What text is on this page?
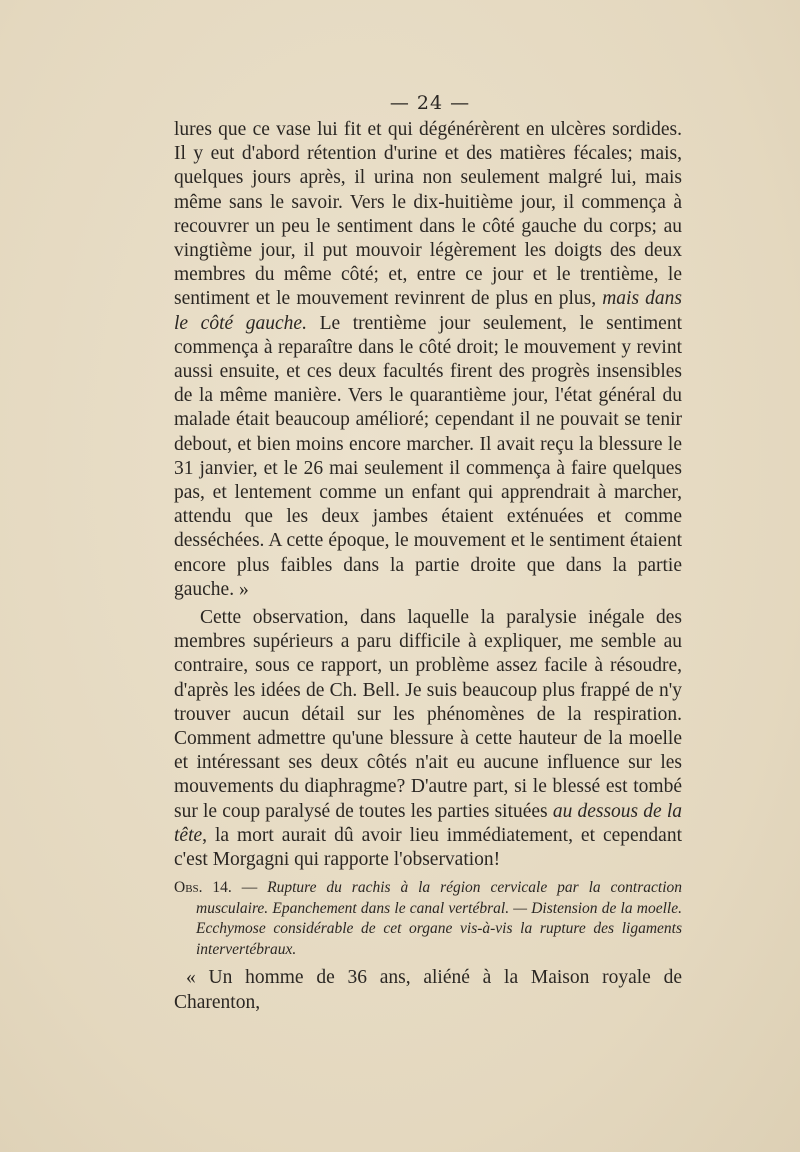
— 24 —

lures que ce vase lui fit et qui dégénérèrent en ulcères sordides. Il y eut d'abord rétention d'urine et des matières fécales; mais, quelques jours après, il urina non seulement malgré lui, mais même sans le savoir. Vers le dix-huitième jour, il commença à recouvrer un peu le sentiment dans le côté gauche du corps; au vingtième jour, il put mouvoir légèrement les doigts des deux membres du même côté; et, entre ce jour et le trentième, le sentiment et le mouvement revinrent de plus en plus, mais dans le côté gauche. Le trentième jour seulement, le sentiment commença à reparaître dans le côté droit; le mouvement y revint aussi ensuite, et ces deux facultés firent des progrès insensibles de la même manière. Vers le quarantième jour, l'état général du malade était beaucoup amélioré; cependant il ne pouvait se tenir debout, et bien moins encore marcher. Il avait reçu la blessure le 31 janvier, et le 26 mai seulement il commença à faire quelques pas, et lentement comme un enfant qui apprendrait à marcher, attendu que les deux jambes étaient exténuées et comme desséchées. A cette époque, le mouvement et le sentiment étaient encore plus faibles dans la partie droite que dans la partie gauche. »

Cette observation, dans laquelle la paralysie inégale des membres supérieurs a paru difficile à expliquer, me semble au contraire, sous ce rapport, un problème assez facile à résoudre, d'après les idées de Ch. Bell. Je suis beaucoup plus frappé de n'y trouver aucun détail sur les phénomènes de la respiration. Comment admettre qu'une blessure à cette hauteur de la moelle et intéressant ses deux côtés n'ait eu aucune influence sur les mouvements du diaphragme? D'autre part, si le blessé est tombé sur le coup paralysé de toutes les parties situées au dessous de la tête, la mort aurait dû avoir lieu immédiatement, et cependant c'est Morgagni qui rapporte l'observation!

Obs. 14. — Rupture du rachis à la région cervicale par la contraction musculaire. Epanchement dans le canal vertébral. — Distension de la moelle. Ecchymose considérable de cet organe vis-à-vis la rupture des ligaments intervertébraux.

« Un homme de 36 ans, aliéné à la Maison royale de Charenton,
